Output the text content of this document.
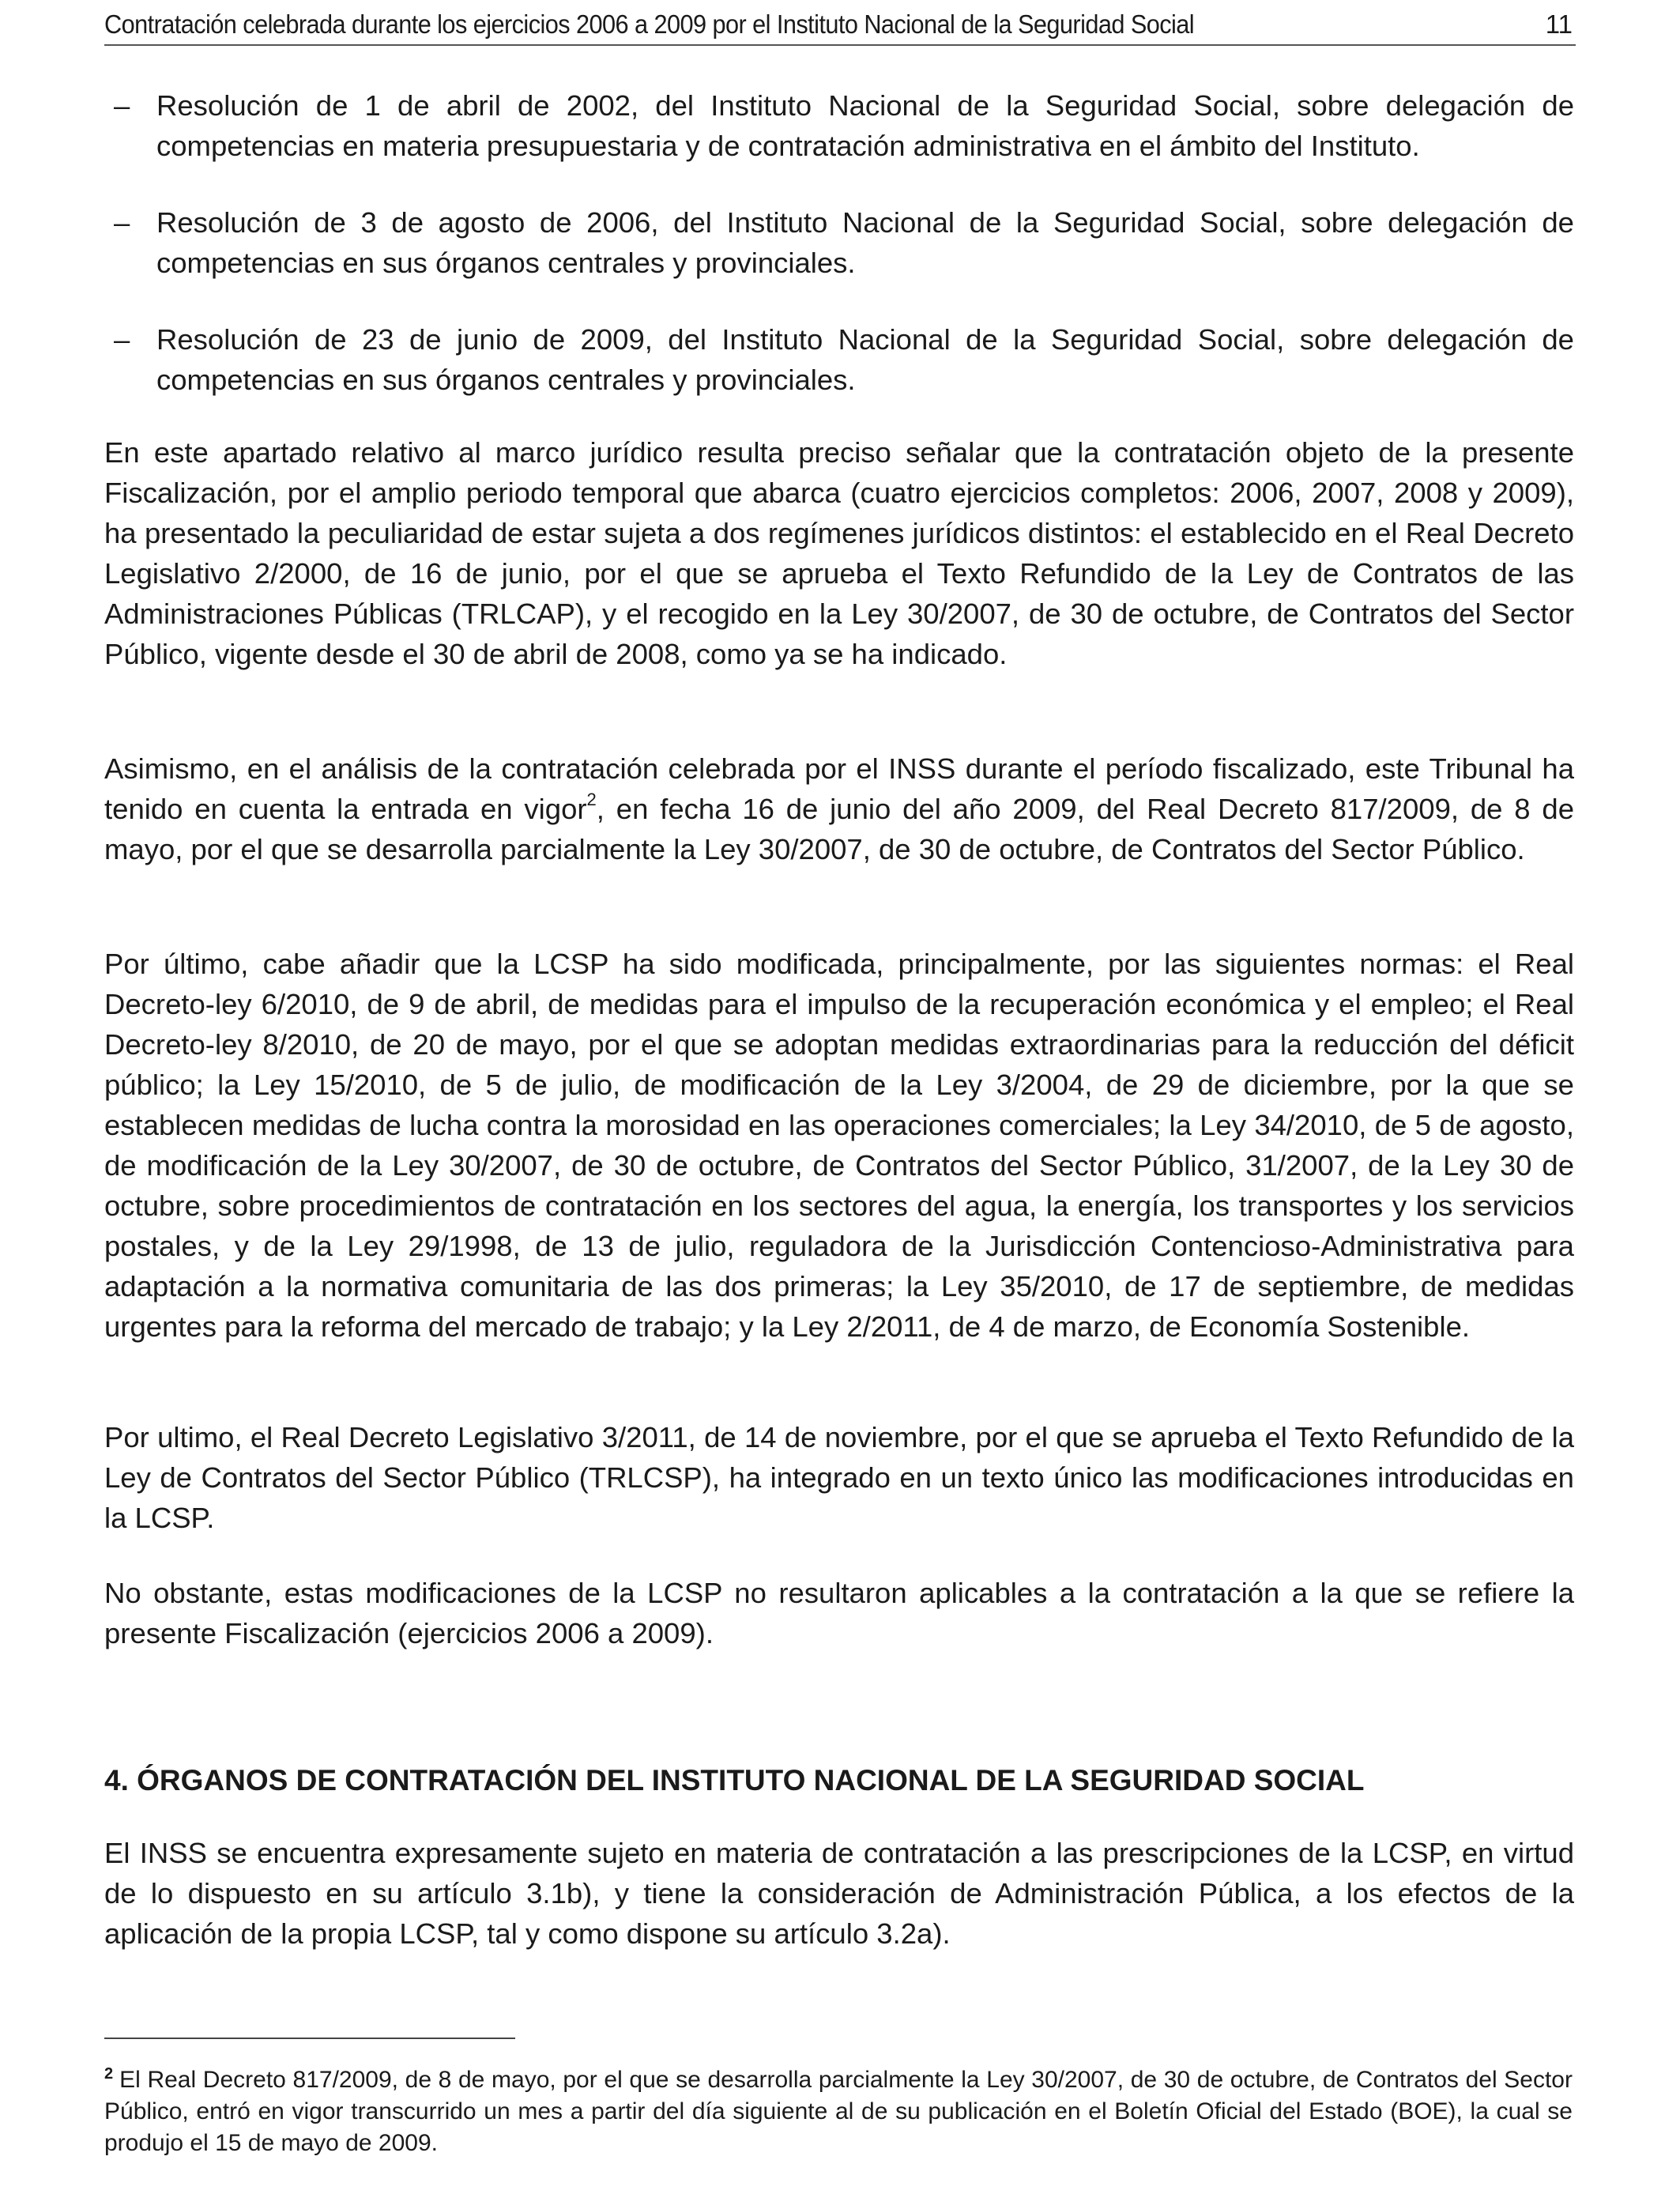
Contratación celebrada durante los ejercicios 2006 a 2009 por el Instituto Nacional de la Seguridad Social	11
– Resolución de 1 de abril de 2002, del Instituto Nacional de la Seguridad Social, sobre delegación de competencias en materia presupuestaria y de contratación administrativa en el ámbito del Instituto.
– Resolución de 3 de agosto de 2006, del Instituto Nacional de la Seguridad Social, sobre delegación de competencias en sus órganos centrales y provinciales.
– Resolución de 23 de junio de 2009, del Instituto Nacional de la Seguridad Social, sobre delegación de competencias en sus órganos centrales y provinciales.
En este apartado relativo al marco jurídico resulta preciso señalar que la contratación objeto de la presente Fiscalización, por el amplio periodo temporal que abarca (cuatro ejercicios completos: 2006, 2007, 2008 y 2009), ha presentado la peculiaridad de estar sujeta a dos regímenes jurídicos distintos: el establecido en el Real Decreto Legislativo 2/2000, de 16 de junio, por el que se aprueba el Texto Refundido de la Ley de Contratos de las Administraciones Públicas (TRLCAP), y el recogido en la Ley 30/2007, de 30 de octubre, de Contratos del Sector Público, vigente desde el 30 de abril de 2008, como ya se ha indicado.
Asimismo, en el análisis de la contratación celebrada por el INSS durante el período fiscalizado, este Tribunal ha tenido en cuenta la entrada en vigor$^2$, en fecha 16 de junio del año 2009, del Real Decreto 817/2009, de 8 de mayo, por el que se desarrolla parcialmente la Ley 30/2007, de 30 de octubre, de Contratos del Sector Público.
Por último, cabe añadir que la LCSP ha sido modificada, principalmente, por las siguientes normas: el Real Decreto-ley 6/2010, de 9 de abril, de medidas para el impulso de la recuperación económica y el empleo; el Real Decreto-ley 8/2010, de 20 de mayo, por el que se adoptan medidas extraordinarias para la reducción del déficit público; la Ley 15/2010, de 5 de julio, de modificación de la Ley 3/2004, de 29 de diciembre, por la que se establecen medidas de lucha contra la morosidad en las operaciones comerciales; la Ley 34/2010, de 5 de agosto, de modificación de la Ley 30/2007, de 30 de octubre, de Contratos del Sector Público, 31/2007, de la Ley 30 de octubre, sobre procedimientos de contratación en los sectores del agua, la energía, los transportes y los servicios postales, y de la Ley 29/1998, de 13 de julio, reguladora de la Jurisdicción Contencioso-Administrativa para adaptación a la normativa comunitaria de las dos primeras; la Ley 35/2010, de 17 de septiembre, de medidas urgentes para la reforma del mercado de trabajo; y la Ley 2/2011, de 4 de marzo, de Economía Sostenible.
Por ultimo, el Real Decreto Legislativo 3/2011, de 14 de noviembre, por el que se aprueba el Texto Refundido de la Ley de Contratos del Sector Público (TRLCSP), ha integrado en un texto único las modificaciones introducidas en la LCSP.
No obstante, estas modificaciones de la LCSP no resultaron aplicables a la contratación a la que se refiere la presente Fiscalización (ejercicios 2006 a 2009).
4. ÓRGANOS DE CONTRATACIÓN DEL INSTITUTO NACIONAL DE LA SEGURIDAD SOCIAL
El INSS se encuentra expresamente sujeto en materia de contratación a las prescripciones de la LCSP, en virtud de lo dispuesto en su artículo 3.1b), y tiene la consideración de Administración Pública, a los efectos de la aplicación de la propia LCSP, tal y como dispone su artículo 3.2a).
$^2$ El Real Decreto 817/2009, de 8 de mayo, por el que se desarrolla parcialmente la Ley 30/2007, de 30 de octubre, de Contratos del Sector Público, entró en vigor transcurrido un mes a partir del día siguiente al de su publicación en el Boletín Oficial del Estado (BOE), la cual se produjo el 15 de mayo de 2009.
